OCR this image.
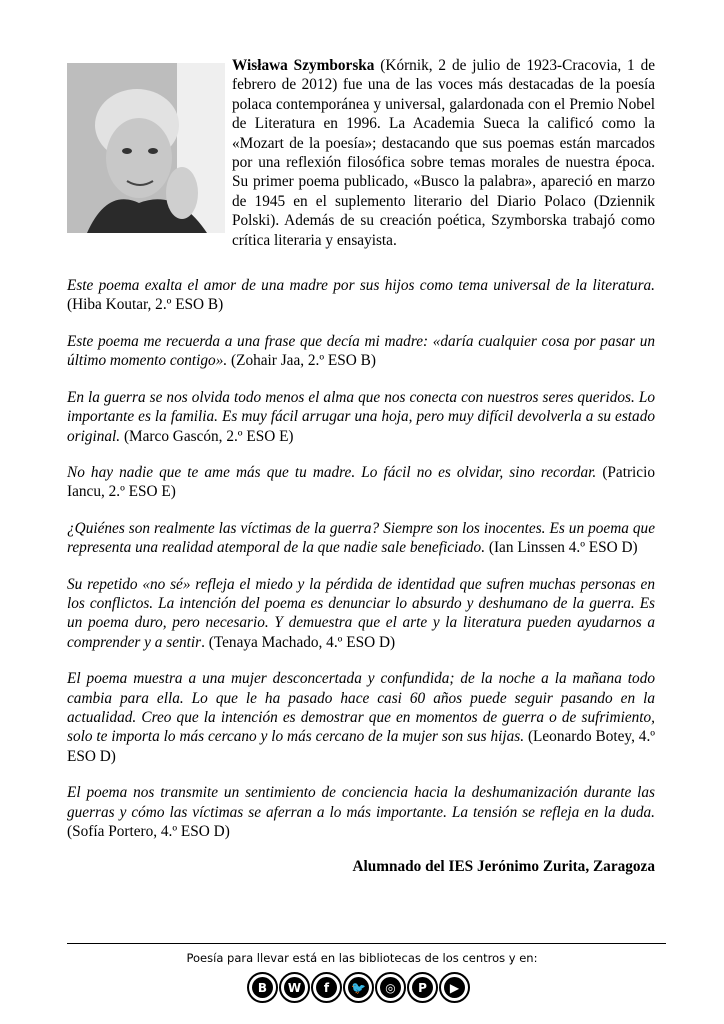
Wisława Szymborska (Kórnik, 2 de julio de 1923-Cracovia, 1 de febrero de 2012) fue una de las voces más destacadas de la poesía polaca contemporánea y universal, galardonada con el Premio Nobel de Literatura en 1996. La Academia Sueca la calificó como la «Mozart de la poesía»; destacando que sus poemas están marcados por una reflexión filosófica sobre temas morales de nuestra época. Su primer poema publicado, «Busco la palabra», apareció en marzo de 1945 en el suplemento literario del Diario Polaco (Dziennik Polski). Además de su creación poética, Szymborska trabajó como crítica literaria y ensayista.

Este poema exalta el amor de una madre por sus hijos como tema universal de la literatura. (Hiba Koutar, 2.º ESO B)

Este poema me recuerda a una frase que decía mi madre: «daría cualquier cosa por pasar un último momento contigo». (Zohair Jaa, 2.º ESO B)

En la guerra se nos olvida todo menos el alma que nos conecta con nuestros seres queridos. Lo importante es la familia. Es muy fácil arrugar una hoja, pero muy difícil devolverla a su estado original. (Marco Gascón, 2.º ESO E)

No hay nadie que te ame más que tu madre. Lo fácil no es olvidar, sino recordar. (Patricio Iancu, 2.º ESO E)

¿Quiénes son realmente las víctimas de la guerra? Siempre son los inocentes. Es un poema que representa una realidad atemporal de la que nadie sale beneficiado. (Ian Linssen 4.º ESO D)

Su repetido «no sé» refleja el miedo y la pérdida de identidad que sufren muchas personas en los conflictos. La intención del poema es denunciar lo absurdo y deshumano de la guerra. Es un poema duro, pero necesario. Y demuestra que el arte y la literatura pueden ayudarnos a comprender y a sentir. (Tenaya Machado, 4.º ESO D)

El poema muestra a una mujer desconcertada y confundida; de la noche a la mañana todo cambia para ella. Lo que le ha pasado hace casi 60 años puede seguir pasando en la actualidad. Creo que la intención es demostrar que en momentos de guerra o de sufrimiento, solo te importa lo más cercano y lo más cercano de la mujer son sus hijas. (Leonardo Botey, 4.º ESO D)

El poema nos transmite un sentimiento de conciencia hacia la deshumanización durante las guerras y cómo las víctimas se aferran a lo más importante. La tensión se refleja en la duda. (Sofía Portero, 4.º ESO D)

Alumnado del IES Jerónimo Zurita, Zaragoza
Poesía para llevar está en las bibliotecas de los centros y en:
B	W	f	🐦	◎	P	▶
